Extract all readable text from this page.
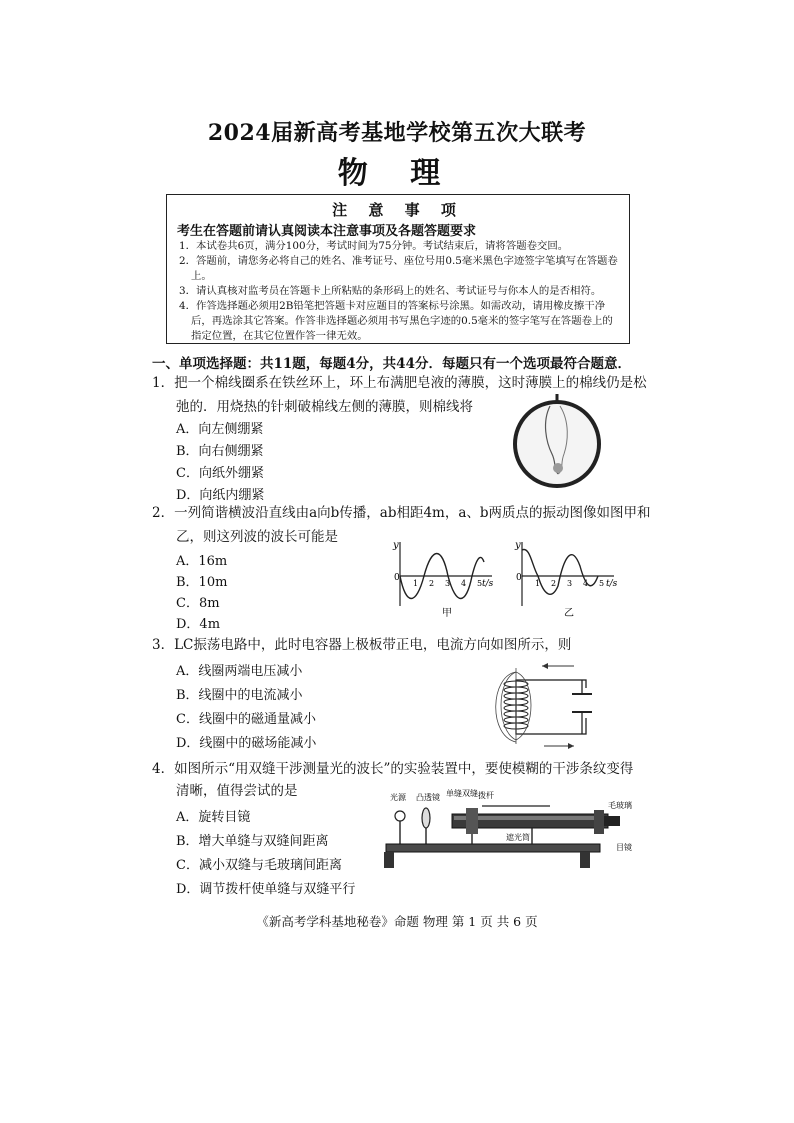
2024届新高考基地学校第五次大联考
物 理
注 意 事 项
考生在答题前请认真阅读本注意事项及各题答题要求
1．本试卷共6页，满分100分，考试时间为75分钟。考试结束后，请将答题卷交回。
2．答题前，请您务必将自己的姓名、准考证号、座位号用0.5毫米黑色字迹签字笔填写在答题卷上。
3．请认真核对监考员在答题卡上所粘贴的条形码上的姓名、考试证号与你本人的是否相符。
4．作答选择题必须用2B铅笔把答题卡对应题目的答案标号涂黑。如需改动，请用橡皮擦干净后，再选涂其它答案。作答非选择题必须用书写黑色字迹的0.5毫米的签字笔写在答题卷上的指定位置，在其它位置作答一律无效。
一、单项选择题：共11题，每题4分，共44分．每题只有一个选项最符合题意．
1．把一个棉线圈系在铁丝环上，环上布满肥皂液的薄膜，这时薄膜上的棉线仍是松
弛的．用烧热的针刺破棉线左侧的薄膜，则棉线将
A．向左侧绷紧
B．向右侧绷紧
C．向纸外绷紧
D．向纸内绷紧
2．一列简谐横波沿直线由a向b传播，ab相距4m，a、b两质点的振动图像如图甲和
乙，则这列波的波长可能是
A．16m
B．10m
C．8m
D．4m
y
0
t/s
1 2 3 4 5
甲
y
0
t/s
1 2 3 4 5
乙
3．LC振荡电路中，此时电容器上极板带正电，电流方向如图所示，则
A．线圈两端电压减小
B．线圈中的电流减小
C．线圈中的磁通量减小
D．线圈中的磁场能减小
4．如图所示“用双缝干涉测量光的波长”的实验装置中，要使模糊的干涉条纹变得
清晰，值得尝试的是
A．旋转目镜
B．增大单缝与双缝间距离
C．减小双缝与毛玻璃间距离
D．调节拨杆使单缝与双缝平行
光源 凸透镜 单缝 双缝 拨杆
遮光筒
毛玻璃
目镜
《新高考学科基地秘卷》命题 物理 第 1 页 共 6 页
